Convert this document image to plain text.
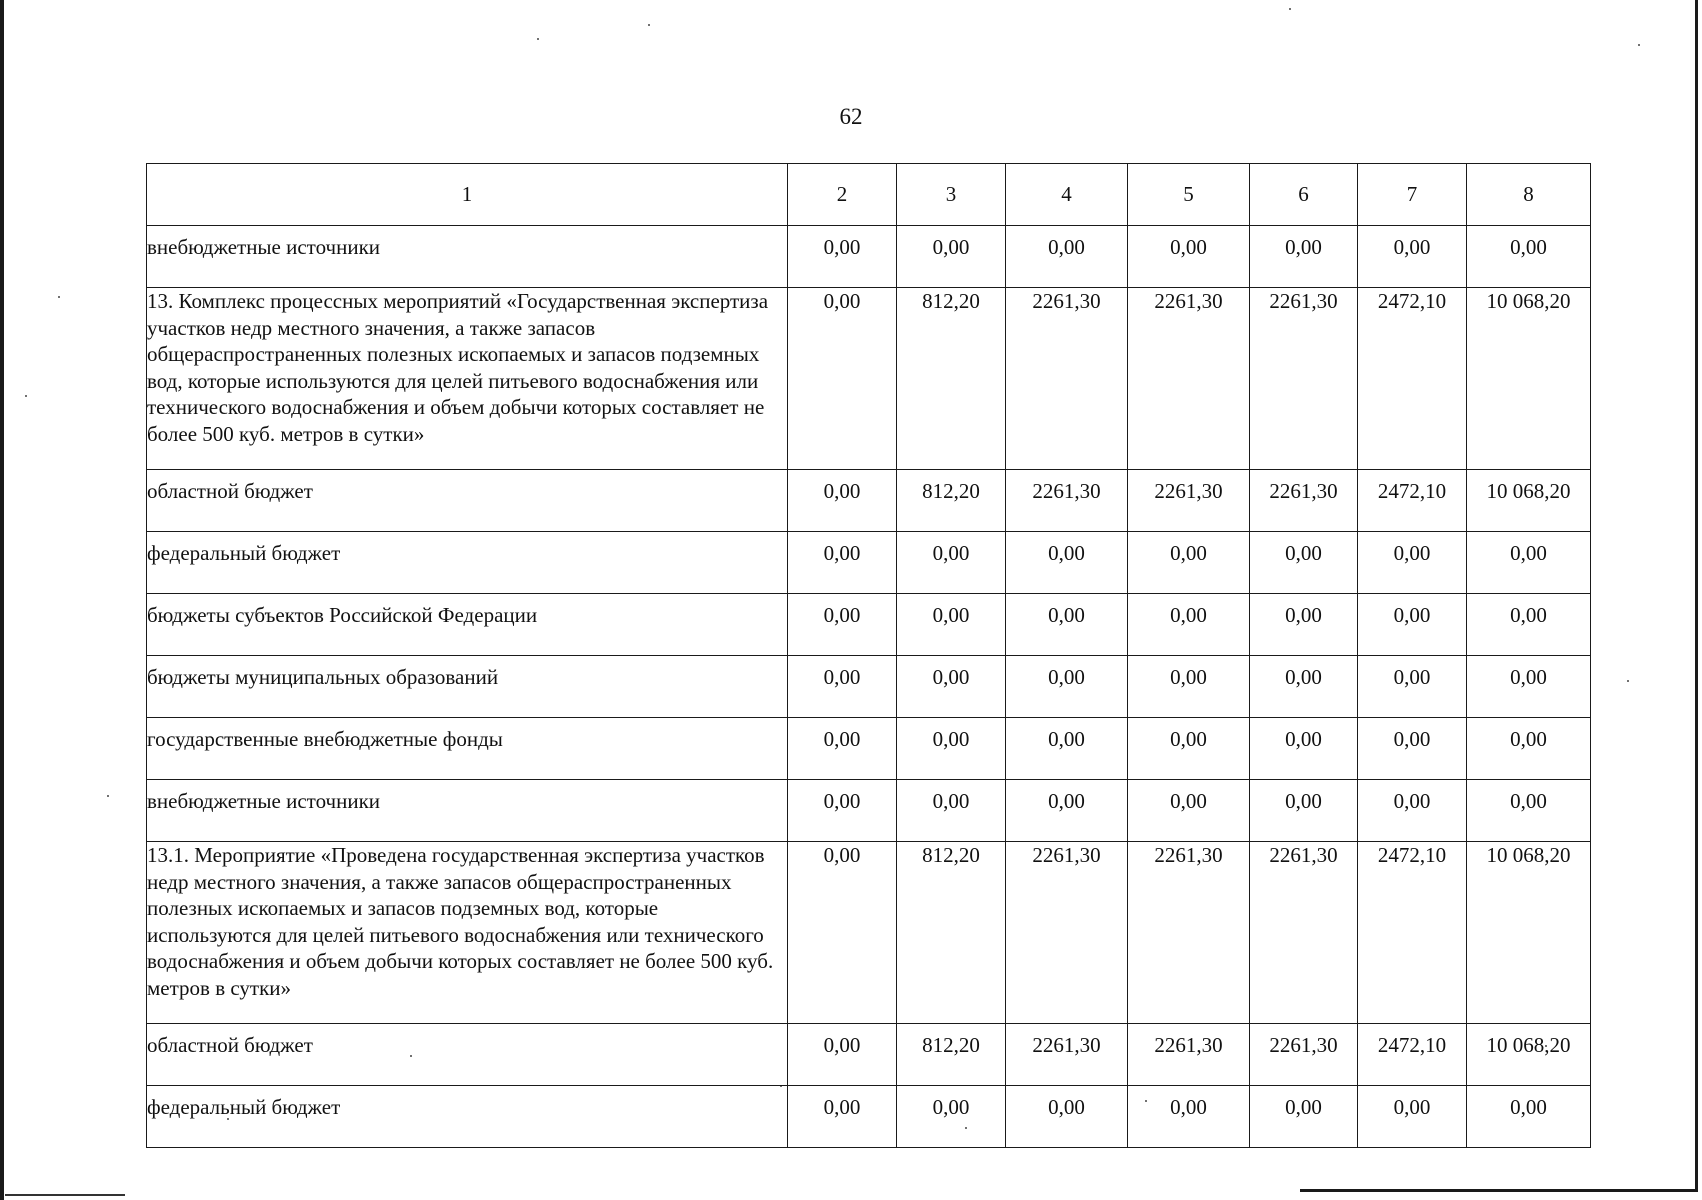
62
1	2	3	4	5	6	7	8
внебюджетные источники	0,00	0,00	0,00	0,00	0,00	0,00	0,00
13. Комплекс процессных мероприятий «Государственная экспертиза участков недр местного значения, а также запасов общераспространенных полезных ископаемых и запасов подземных вод, которые используются для целей питьевого водоснабжения или технического водоснабжения и объем добычи которых составляет не более 500 куб. метров в сутки»	0,00	812,20	2261,30	2261,30	2261,30	2472,10	10 068,20
областной бюджет	0,00	812,20	2261,30	2261,30	2261,30	2472,10	10 068,20
федеральный бюджет	0,00	0,00	0,00	0,00	0,00	0,00	0,00
бюджеты субъектов Российской Федерации	0,00	0,00	0,00	0,00	0,00	0,00	0,00
бюджеты муниципальных образований	0,00	0,00	0,00	0,00	0,00	0,00	0,00
государственные внебюджетные фонды	0,00	0,00	0,00	0,00	0,00	0,00	0,00
внебюджетные источники	0,00	0,00	0,00	0,00	0,00	0,00	0,00
13.1. Мероприятие «Проведена государственная экспертиза участков недр местного значения, а также запасов общераспространенных полезных ископаемых и запасов подземных вод, которые используются для целей питьевого водоснабжения или технического водоснабжения и объем добычи которых составляет не более 500 куб. метров в сутки»	0,00	812,20	2261,30	2261,30	2261,30	2472,10	10 068,20
областной бюджет	0,00	812,20	2261,30	2261,30	2261,30	2472,10	10 068,20
федеральный бюджет	0,00	0,00	0,00	0,00	0,00	0,00	0,00
